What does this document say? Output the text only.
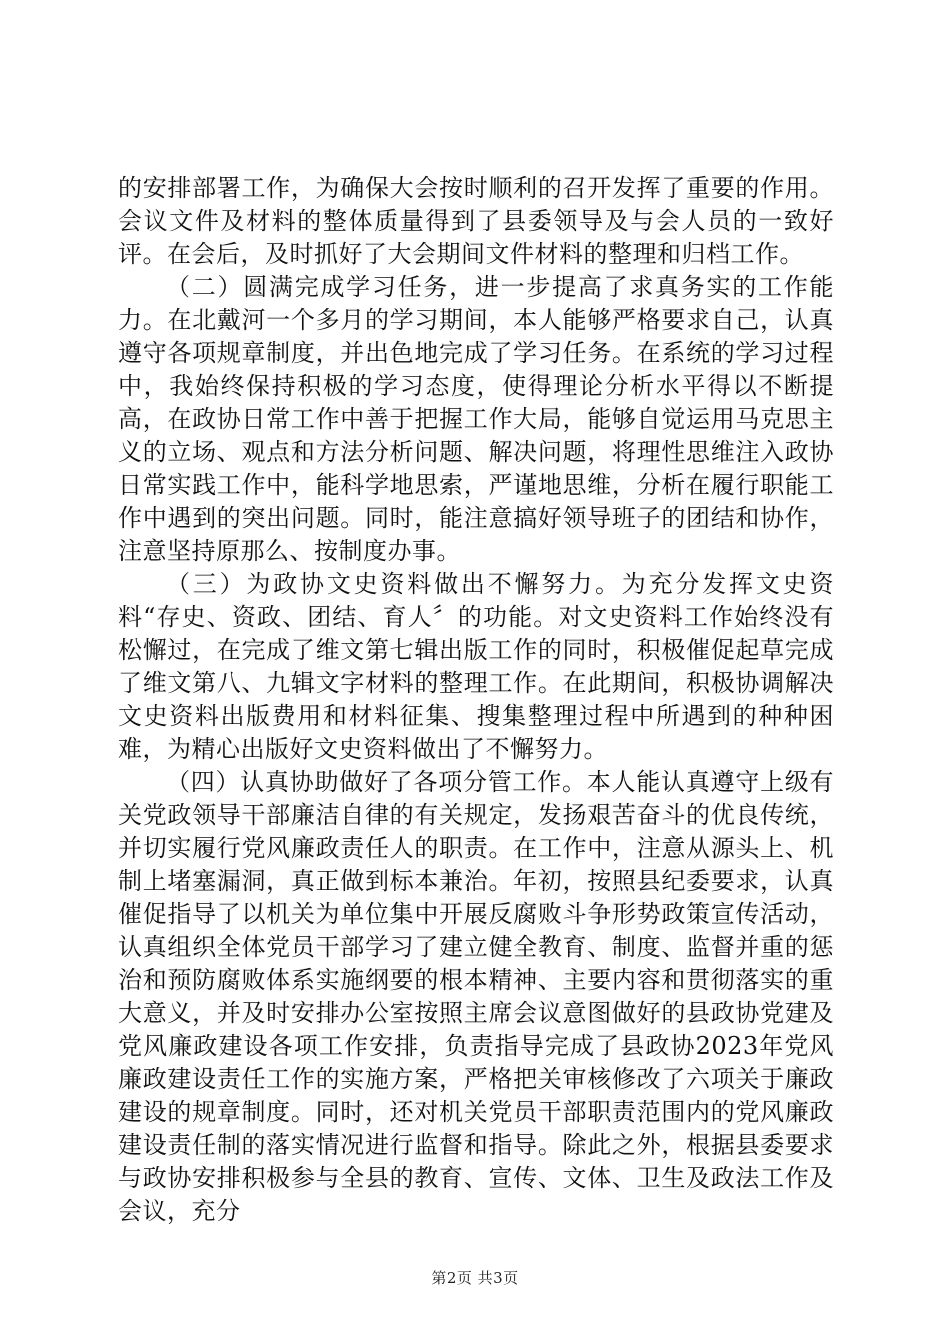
的安排部署工作，为确保大会按时顺利的召开发挥了重要的作用。会议文件及材料的整体质量得到了县委领导及与会人员的一致好评。在会后，及时抓好了大会期间文件材料的整理和归档工作。

（二）圆满完成学习任务，进一步提高了求真务实的工作能力。在北戴河一个多月的学习期间，本人能够严格要求自己，认真遵守各项规章制度，并出色地完成了学习任务。在系统的学习过程中，我始终保持积极的学习态度，使得理论分析水平得以不断提高，在政协日常工作中善于把握工作大局，能够自觉运用马克思主义的立场、观点和方法分析问题、解决问题，将理性思维注入政协日常实践工作中，能科学地思索，严谨地思维，分析在履行职能工作中遇到的突出问题。同时，能注意搞好领导班子的团结和协作，注意坚持原那么、按制度办事。

（三）为政协文史资料做出不懈努力。为充分发挥文史资料“存史、资政、团结、育人〞的功能。对文史资料工作始终没有松懈过，在完成了维文第七辑出版工作的同时，积极催促起草完成了维文第八、九辑文字材料的整理工作。在此期间，积极协调解决文史资料出版费用和材料征集、搜集整理过程中所遇到的种种困难，为精心出版好文史资料做出了不懈努力。

（四）认真协助做好了各项分管工作。本人能认真遵守上级有关党政领导干部廉洁自律的有关规定，发扬艰苦奋斗的优良传统，并切实履行党风廉政责任人的职责。在工作中，注意从源头上、机制上堵塞漏洞，真正做到标本兼治。年初，按照县纪委要求，认真催促指导了以机关为单位集中开展反腐败斗争形势政策宣传活动，认真组织全体党员干部学习了建立健全教育、制度、监督并重的惩治和预防腐败体系实施纲要的根本精神、主要内容和贯彻落实的重大意义，并及时安排办公室按照主席会议意图做好的县政协党建及党风廉政建设各项工作安排，负责指导完成了县政协2023年党风廉政建设责任工作的实施方案，严格把关审核修改了六项关于廉政建设的规章制度。同时，还对机关党员干部职责范围内的党风廉政建设责任制的落实情况进行监督和指导。除此之外，根据县委要求与政协安排积极参与全县的教育、宣传、文体、卫生及政法工作及会议，充分

第2页 共3页
